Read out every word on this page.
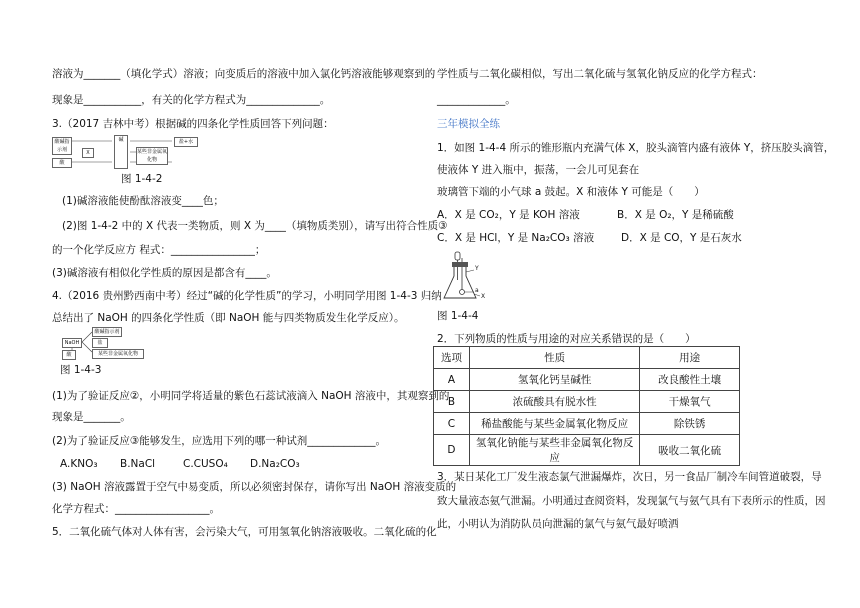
溶液为_______（填化学式）溶液；向变质后的溶液中加入氯化钙溶液能够观察到的
现象是___________，有关的化学方程式为______________。
3.（2017 吉林中考）根据碱的四条化学性质回答下列问题：
酸碱指示剂
碱
酸
X	某些非金属氧化物
盐+水
图 1-4-2
(1)碱溶液能使酚酞溶液变____色；
(2)图 1-4-2 中的 X 代表一类物质，则 X 为____（填物质类别），请写出符合性质③
的一个化学反应方 程式：________________；
(3)碱溶液有相似化学性质的原因是都含有____。
4.（2016 贵州黔西南中考）经过“碱的化学性质”的学习，小明同学用图 1-4-3 归纳
总结出了 NaOH 的四条化学性质（即 NaOH 能与四类物质发生化学反应）。
酸碱指示剂
NaOH	盐
酸	某些非金属氧化物
图 1-4-3
(1)为了验证反应②，小明同学将适量的紫色石蕊试液滴入 NaOH 溶液中，其观察到的
现象是_______。
(2)为了验证反应③能够发生，应选用下列的哪一种试剂_____________。
A.KNO₃ B.NaCl	C.CUSO₄ D.Na₂CO₃
(3) NaOH 溶液露置于空气中易变质，所以必须密封保存，请你写出 NaOH 溶液变质的
化学方程式：__________________。
5．二氧化硫气体对人体有害，会污染大气，可用氢氧化钠溶液吸收。二氧化硫的化
学性质与二氧化碳相似，写出二氧化硫与氢氧化钠反应的化学方程式：
_____________。
三年模拟全练
1．如图 1-4-4 所示的锥形瓶内充满气体 X，胶头滴管内盛有液体 Y，挤压胶头滴管，
使液体 Y 进入瓶中，振荡，一会儿可见套在
玻璃管下端的小气球 a 鼓起。X 和液体 Y 可能是（　　）
A．X 是 CO₂，Y 是 KOH 溶液	B．X 是 O₂，Y 是稀硫酸
C．X 是 HCl，Y 是 Na₂CO₃ 溶液	D．X 是 CO，Y 是石灰水
Y
a
X
图 1-4-4
2．下列物质的性质与用途的对应关系错误的是（　　）
选项	性质	用途
A	氢氧化钙呈碱性	改良酸性土壤
B	浓硫酸具有脱水性	干燥氧气
C	稀盐酸能与某些金属氧化物反应	除铁锈
D	氢氧化钠能与某些非金属氧化物反应	吸收二氧化硫
3．某日某化工厂发生液态氯气泄漏爆炸，次日，另一食品厂制冷车间管道破裂，导
致大量液态氨气泄漏。小明通过查阅资料，发现氯气与氨气具有下表所示的性质，因
此，小明认为消防队员向泄漏的氯气与氨气最好喷洒
